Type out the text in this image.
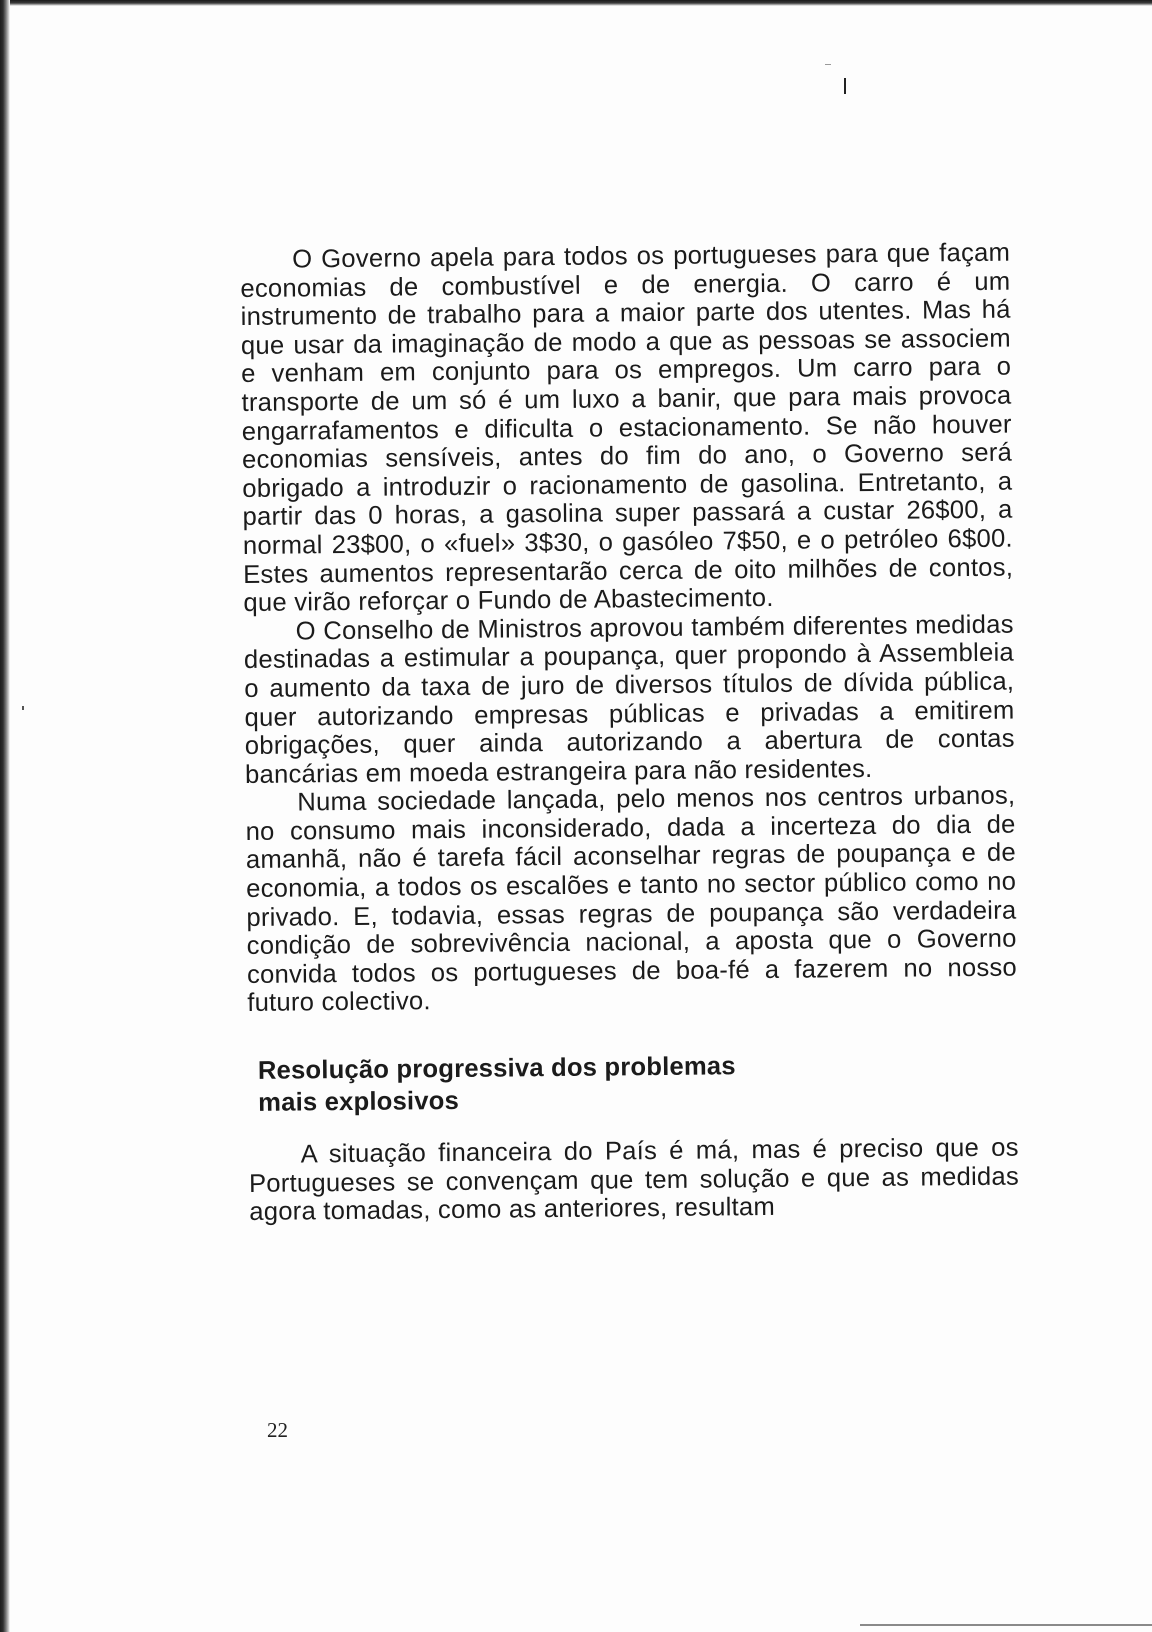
O Governo apela para todos os portugueses para que façam economias de combustível e de energia. O carro é um instrumento de trabalho para a maior parte dos utentes. Mas há que usar da imaginação de modo a que as pessoas se associem e venham em conjunto para os empregos. Um carro para o transporte de um só é um luxo a banir, que para mais provoca engarrafamentos e dificulta o estacionamento. Se não houver economias sensíveis, antes do fim do ano, o Governo será obrigado a introduzir o racionamento de gasolina. Entretanto, a partir das 0 horas, a gasolina super passará a custar 26$00, a normal 23$00, o «fuel» 3$30, o gasóleo 7$50, e o petróleo 6$00. Estes aumentos representarão cerca de oito milhões de contos, que virão reforçar o Fundo de Abastecimento.

O Conselho de Ministros aprovou também diferentes medidas destinadas a estimular a poupança, quer propondo à Assembleia o aumento da taxa de juro de diversos títulos de dívida pública, quer autorizando empresas públicas e privadas a emitirem obrigações, quer ainda autorizando a abertura de contas bancárias em moeda estrangeira para não residentes.

Numa sociedade lançada, pelo menos nos centros urbanos, no consumo mais inconsiderado, dada a incerteza do dia de amanhã, não é tarefa fácil aconselhar regras de poupança e de economia, a todos os escalões e tanto no sector público como no privado. E, todavia, essas regras de poupança são verdadeira condição de sobrevivência nacional, a aposta que o Governo convida todos os portugueses de boa-fé a fazerem no nosso futuro colectivo.

Resolução progressiva dos problemas
mais explosivos

A situação financeira do País é má, mas é preciso que os Portugueses se convençam que tem solução e que as medidas agora tomadas, como as anteriores, resultam

22
